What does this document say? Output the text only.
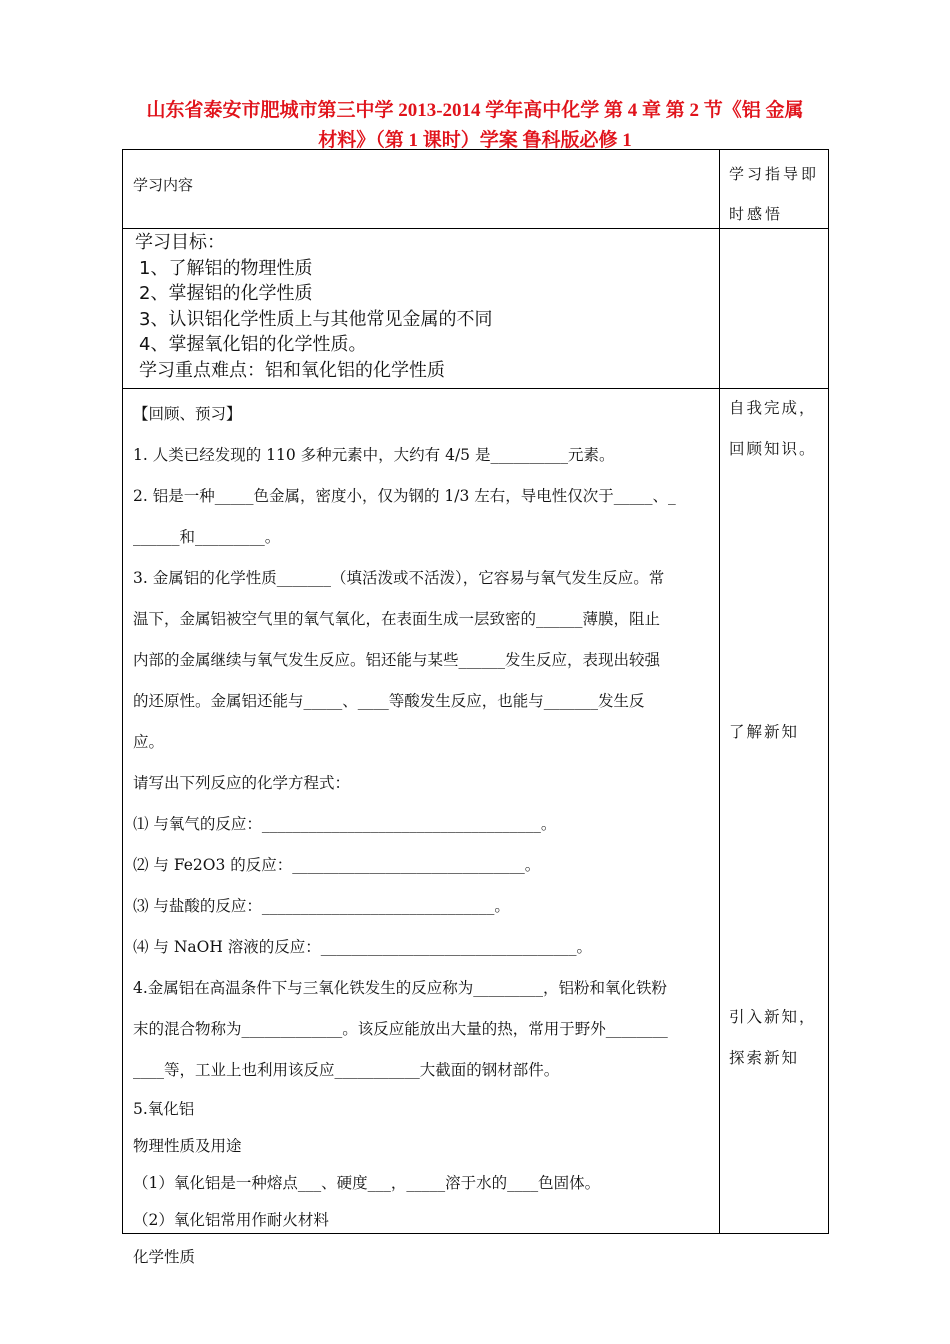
山东省泰安市肥城市第三中学 2013-2014 学年高中化学 第 4 章 第 2 节《铝 金属
材料》（第 1 课时）学案 鲁科版必修 1
学习内容
学习指导即
时感悟
学习目标：
1、了解铝的物理性质
2、掌握铝的化学性质
3、认识铝化学性质上与其他常见金属的不同
4、掌握氧化铝的化学性质。
学习重点难点：铝和氧化铝的化学性质
【回顾、预习】
1. 人类已经发现的 110 多种元素中，大约有 4/5 是__________元素。
2. 铝是一种_____色金属，密度小，仅为钢的 1/3 左右，导电性仅次于_____、_
______和_________。
3. 金属铝的化学性质_______（填活泼或不活泼），它容易与氧气发生反应。常
温下，金属铝被空气里的氧气氧化，在表面生成一层致密的______薄膜，阻止
内部的金属继续与氧气发生反应。铝还能与某些______发生反应，表现出较强
的还原性。金属铝还能与_____、____等酸发生反应，也能与_______发生反
应。
请写出下列反应的化学方程式：
⑴ 与氧气的反应：____________________________________。
⑵ 与 Fe2O3 的反应：______________________________。
⑶ 与盐酸的反应：______________________________。
⑷ 与 NaOH 溶液的反应：_________________________________。
4.金属铝在高温条件下与三氧化铁发生的反应称为_________，铝粉和氧化铁粉
末的混合物称为_____________。该反应能放出大量的热，常用于野外________
____等，工业上也利用该反应___________大截面的钢材部件。
5.氧化铝
物理性质及用途
（1）氧化铝是一种熔点___、硬度___，_____溶于水的____色固体。
（2）氧化铝常用作耐火材料
化学性质
自我完成，
回顾知识。
了解新知
引入新知，
探索新知
